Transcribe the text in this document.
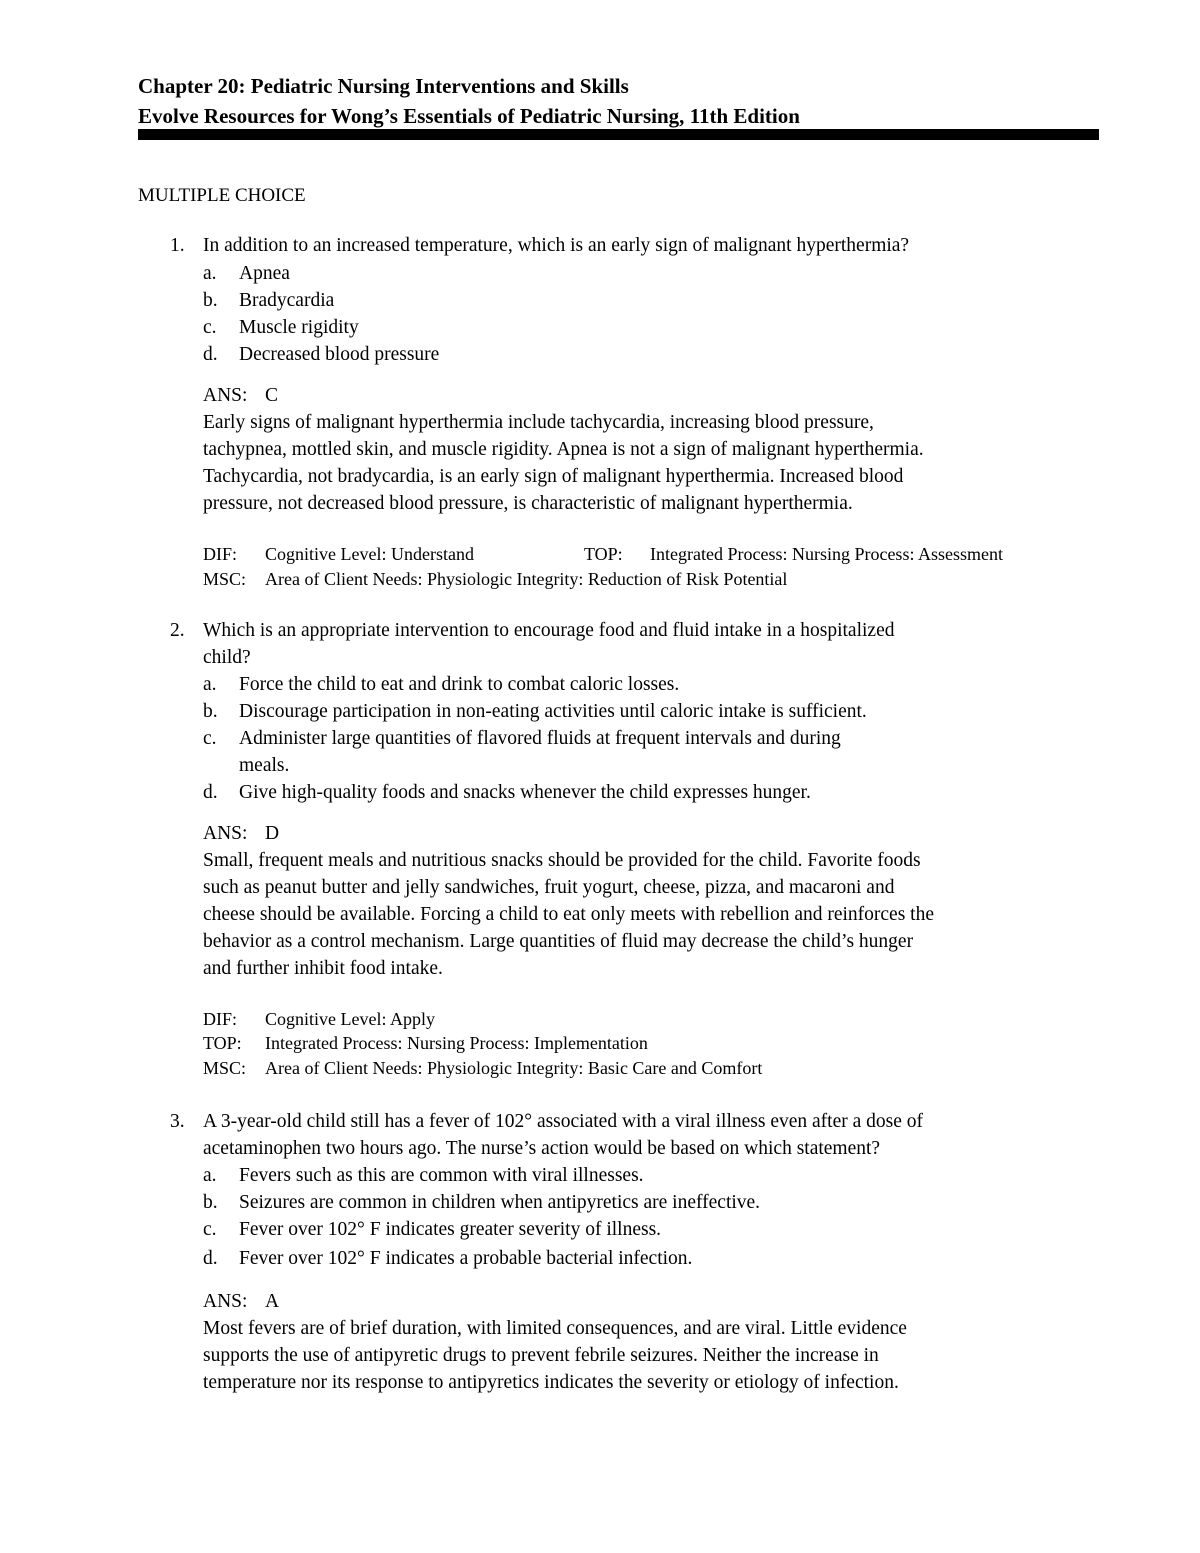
Chapter 20: Pediatric Nursing Interventions and Skills
Evolve Resources for Wong’s Essentials of Pediatric Nursing, 11th Edition
MULTIPLE CHOICE
1. In addition to an increased temperature, which is an early sign of malignant hyperthermia?
a. Apnea
b. Bradycardia
c. Muscle rigidity
d. Decreased blood pressure
ANS: C
Early signs of malignant hyperthermia include tachycardia, increasing blood pressure,
tachypnea, mottled skin, and muscle rigidity. Apnea is not a sign of malignant hyperthermia.
Tachycardia, not bradycardia, is an early sign of malignant hyperthermia. Increased blood
pressure, not decreased blood pressure, is characteristic of malignant hyperthermia.
DIF: Cognitive Level: Understand	TOP: Integrated Process: Nursing Process: Assessment
MSC: Area of Client Needs: Physiologic Integrity: Reduction of Risk Potential
2. Which is an appropriate intervention to encourage food and fluid intake in a hospitalized
child?
a. Force the child to eat and drink to combat caloric losses.
b. Discourage participation in non-eating activities until caloric intake is sufficient.
c. Administer large quantities of flavored fluids at frequent intervals and during
meals.
d. Give high-quality foods and snacks whenever the child expresses hunger.
ANS: D
Small, frequent meals and nutritious snacks should be provided for the child. Favorite foods
such as peanut butter and jelly sandwiches, fruit yogurt, cheese, pizza, and macaroni and
cheese should be available. Forcing a child to eat only meets with rebellion and reinforces the
behavior as a control mechanism. Large quantities of fluid may decrease the child’s hunger
and further inhibit food intake.
DIF: Cognitive Level: Apply
TOP: Integrated Process: Nursing Process: Implementation
MSC: Area of Client Needs: Physiologic Integrity: Basic Care and Comfort
3. A 3-year-old child still has a fever of 102° associated with a viral illness even after a dose of
acetaminophen two hours ago. The nurse’s action would be based on which statement?
a. Fevers such as this are common with viral illnesses.
b. Seizures are common in children when antipyretics are ineffective.
c. Fever over 102° F indicates greater severity of illness.
d. Fever over 102° F indicates a probable bacterial infection.
ANS: A
Most fevers are of brief duration, with limited consequences, and are viral. Little evidence
supports the use of antipyretic drugs to prevent febrile seizures. Neither the increase in
temperature nor its response to antipyretics indicates the severity or etiology of infection.
